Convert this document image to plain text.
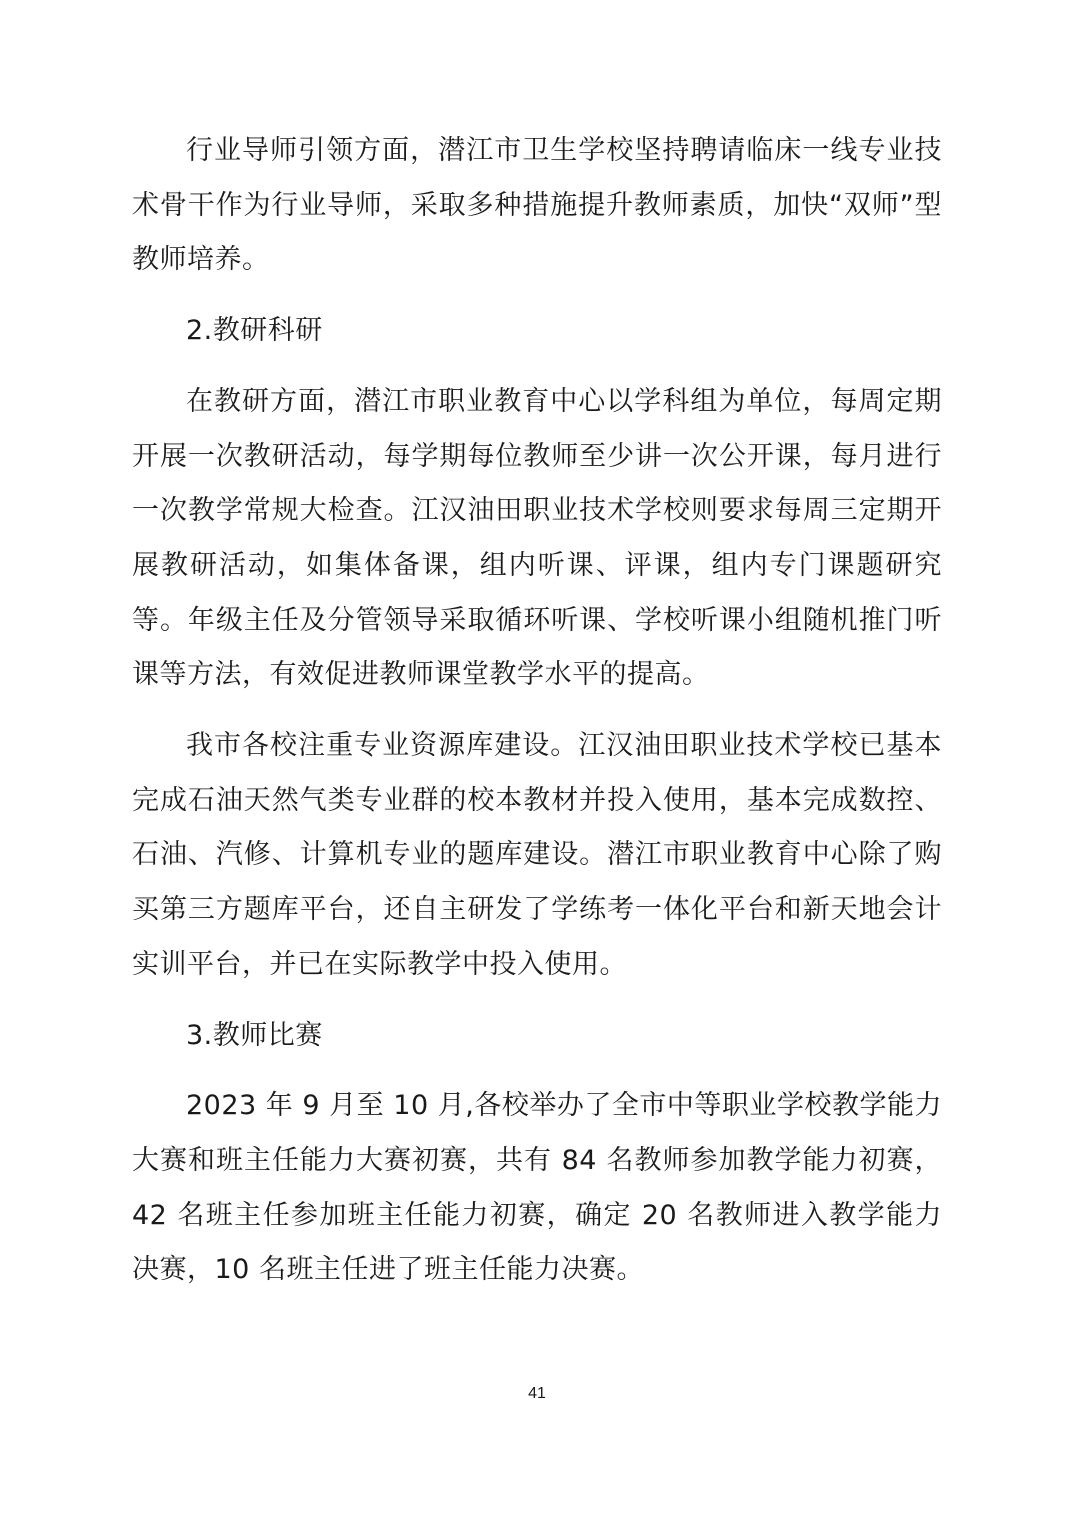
行业导师引领方面，潜江市卫生学校坚持聘请临床一线专业技术骨干作为行业导师，采取多种措施提升教师素质，加快“双师”型教师培养。

2.教研科研

在教研方面，潜江市职业教育中心以学科组为单位，每周定期开展一次教研活动，每学期每位教师至少讲一次公开课，每月进行一次教学常规大检查。江汉油田职业技术学校则要求每周三定期开展教研活动，如集体备课，组内听课、评课，组内专门课题研究等。年级主任及分管领导采取循环听课、学校听课小组随机推门听课等方法，有效促进教师课堂教学水平的提高。

我市各校注重专业资源库建设。江汉油田职业技术学校已基本完成石油天然气类专业群的校本教材并投入使用，基本完成数控、石油、汽修、计算机专业的题库建设。潜江市职业教育中心除了购买第三方题库平台，还自主研发了学练考一体化平台和新天地会计实训平台，并已在实际教学中投入使用。

3.教师比赛

2023 年 9 月至 10 月,各校举办了全市中等职业学校教学能力大赛和班主任能力大赛初赛，共有 84 名教师参加教学能力初赛，42 名班主任参加班主任能力初赛，确定 20 名教师进入教学能力决赛，10 名班主任进了班主任能力决赛。

41
